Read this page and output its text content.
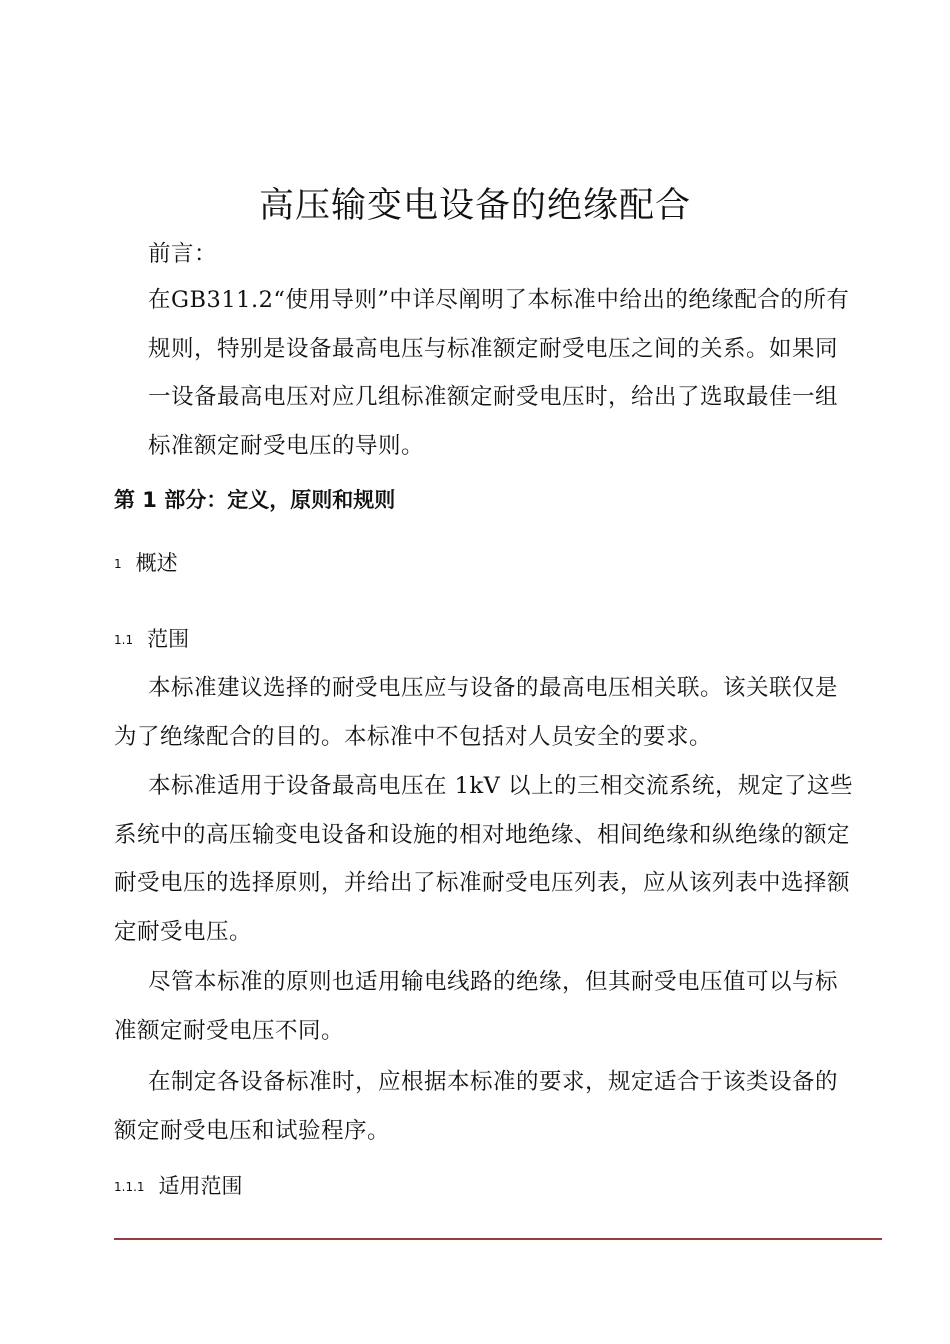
高压输变电设备的绝缘配合
前言：

在GB311.2“使用导则”中详尽阐明了本标准中给出的绝缘配合的所有规则，特别是设备最高电压与标准额定耐受电压之间的关系。如果同一设备最高电压对应几组标准额定耐受电压时，给出了选取最佳一组标准额定耐受电压的导则。

第 1 部分：定义，原则和规则
1 概述
1.1 范围

本标准建议选择的耐受电压应与设备的最高电压相关联。该关联仅是为了绝缘配合的目的。本标准中不包括对人员安全的要求。

本标准适用于设备最高电压在 1kV 以上的三相交流系统，规定了这些系统中的高压输变电设备和设施的相对地绝缘、相间绝缘和纵绝缘的额定耐受电压的选择原则，并给出了标准耐受电压列表，应从该列表中选择额定耐受电压。

尽管本标准的原则也适用输电线路的绝缘，但其耐受电压值可以与标准额定耐受电压不同。

在制定各设备标准时，应根据本标准的要求，规定适合于该类设备的额定耐受电压和试验程序。

1.1.1 适用范围
